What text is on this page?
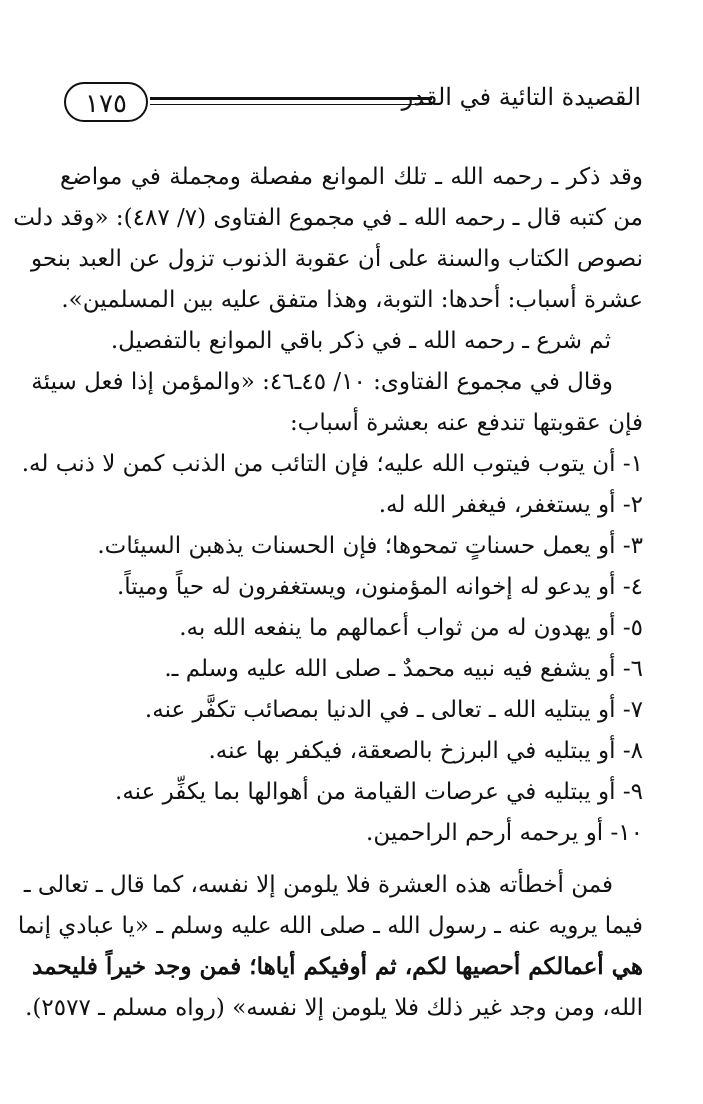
القصيدة التائية في القدر
١٧٥

وقد ذكر ـ رحمه الله ـ تلك الموانع مفصلة ومجملة في مواضع

من كتبه قال ـ رحمه الله ـ في مجموع الفتاوى (٧/ ٤٨٧): «وقد دلت

نصوص الكتاب والسنة على أن عقوبة الذنوب تزول عن العبد بنحو

عشرة أسباب: أحدها: التوبة، وهذا متفق عليه بين المسلمين».

ثم شرع ـ رحمه الله ـ في ذكر باقي الموانع بالتفصيل.

وقال في مجموع الفتاوى: ١٠/ ٤٥ـ٤٦: «والمؤمن إذا فعل سيئة

فإن عقوبتها تندفع عنه بعشرة أسباب:

١- أن يتوب فيتوب الله عليه؛ فإن التائب من الذنب كمن لا ذنب له.

٢- أو يستغفر، فيغفر الله له.

٣- أو يعمل حسناتٍ تمحوها؛ فإن الحسنات يذهبن السيئات.

٤- أو يدعو له إخوانه المؤمنون، ويستغفرون له حياً وميتاً.

٥- أو يهدون له من ثواب أعمالهم ما ينفعه الله به.

٦- أو يشفع فيه نبيه محمدٌ ـ صلى الله عليه وسلم ـ.

٧- أو يبتليه الله ـ تعالى ـ في الدنيا بمصائب تكفَّر عنه.

٨- أو يبتليه في البرزخ بالصعقة، فيكفر بها عنه.

٩- أو يبتليه في عرصات القيامة من أهوالها بما يكفِّر عنه.

١٠- أو يرحمه أرحم الراحمين.

فمن أخطأته هذه العشرة فلا يلومن إلا نفسه، كما قال ـ تعالى ـ

فيما يرويه عنه ـ رسول الله ـ صلى الله عليه وسلم ـ «يا عبادي إنما

هي أعمالكم أحصيها لكم، ثم أوفيكم أياها؛ فمن وجد خيراً فليحمد

الله، ومن وجد غير ذلك فلا يلومن إلا نفسه» (رواه مسلم ـ ٢٥٧٧).
